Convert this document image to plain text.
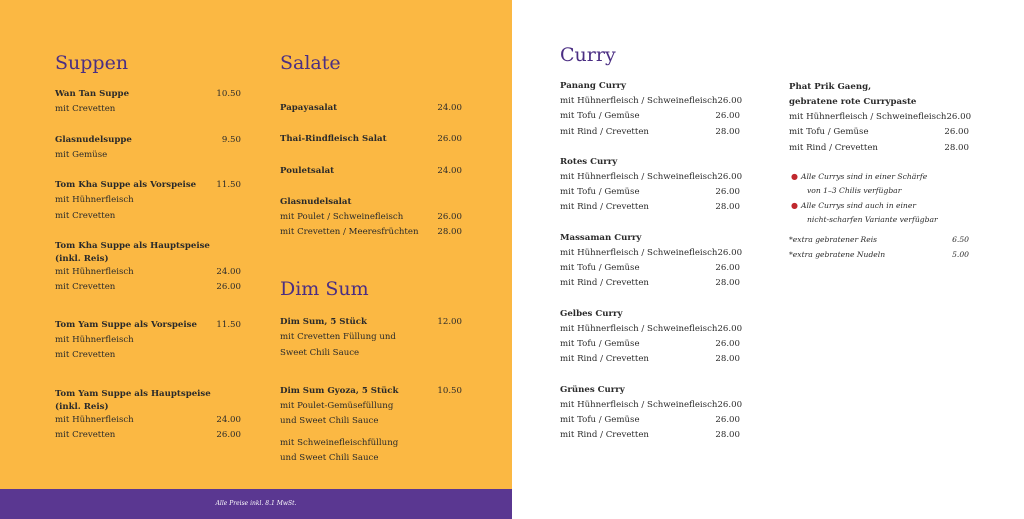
Suppen
Wan Tan Suppe	10.50
mit Crevetten
Glasnudelsuppe	9.50
mit Gemüse
Tom Kha Suppe als Vorspeise 11.50
mit Hühnerfleisch
mit Crevetten
Tom Kha Suppe als Hauptspeise
(inkl. Reis)
mit Hühnerfleisch	24.00
mit Crevetten	26.00
Tom Yam Suppe als Vorspeise 11.50
mit Hühnerfleisch
mit Crevetten
Tom Yam Suppe als Hauptspeise
(inkl. Reis)
mit Hühnerfleisch	24.00
mit Crevetten	26.00
Salate
Papayasalat	24.00
Thai-Rindfleisch Salat	26.00
Pouletsalat	24.00
Glasnudelsalat
mit Poulet / Schweinefleisch	26.00
mit Crevetten / Meeresfrüchten 28.00
Dim Sum
Dim Sum, 5 Stück	12.00
mit Crevetten Füllung und
Sweet Chili Sauce
Dim Sum Gyoza, 5 Stück	10.50
mit Poulet-Gemüsefüllung
und Sweet Chili Sauce
mit Schweinefleischfüllung
und Sweet Chili Sauce
Alle Preise inkl. 8.1 MwSt.
Curry
Panang Curry
mit Hühnerfleisch / Schweinefleisch 26.00
mit Tofu / Gemüse	26.00
mit Rind / Crevetten	28.00
Rotes Curry
mit Hühnerfleisch / Schweinefleisch 26.00
mit Tofu / Gemüse	26.00
mit Rind / Crevetten	28.00
Massaman Curry
mit Hühnerfleisch / Schweinefleisch 26.00
mit Tofu / Gemüse	26.00
mit Rind / Crevetten	28.00
Gelbes Curry
mit Hühnerfleisch / Schweinefleisch 26.00
mit Tofu / Gemüse	26.00
mit Rind / Crevetten	28.00
Grünes Curry
mit Hühnerfleisch / Schweinefleisch 26.00
mit Tofu / Gemüse	26.00
mit Rind / Crevetten	28.00
Phat Prik Gaeng,
gebratene rote Currypaste
mit Hühnerfleisch / Schweinefleisch 26.00
mit Tofu / Gemüse	26.00
mit Rind / Crevetten	28.00
● Alle Currys sind in einer Schärfe
von 1–3 Chilis verfügbar
● Alle Currys sind auch in einer
nicht-scharfen Variante verfügbar
*extra gebratener Reis	6.50
*extra gebratene Nudeln	5.00
